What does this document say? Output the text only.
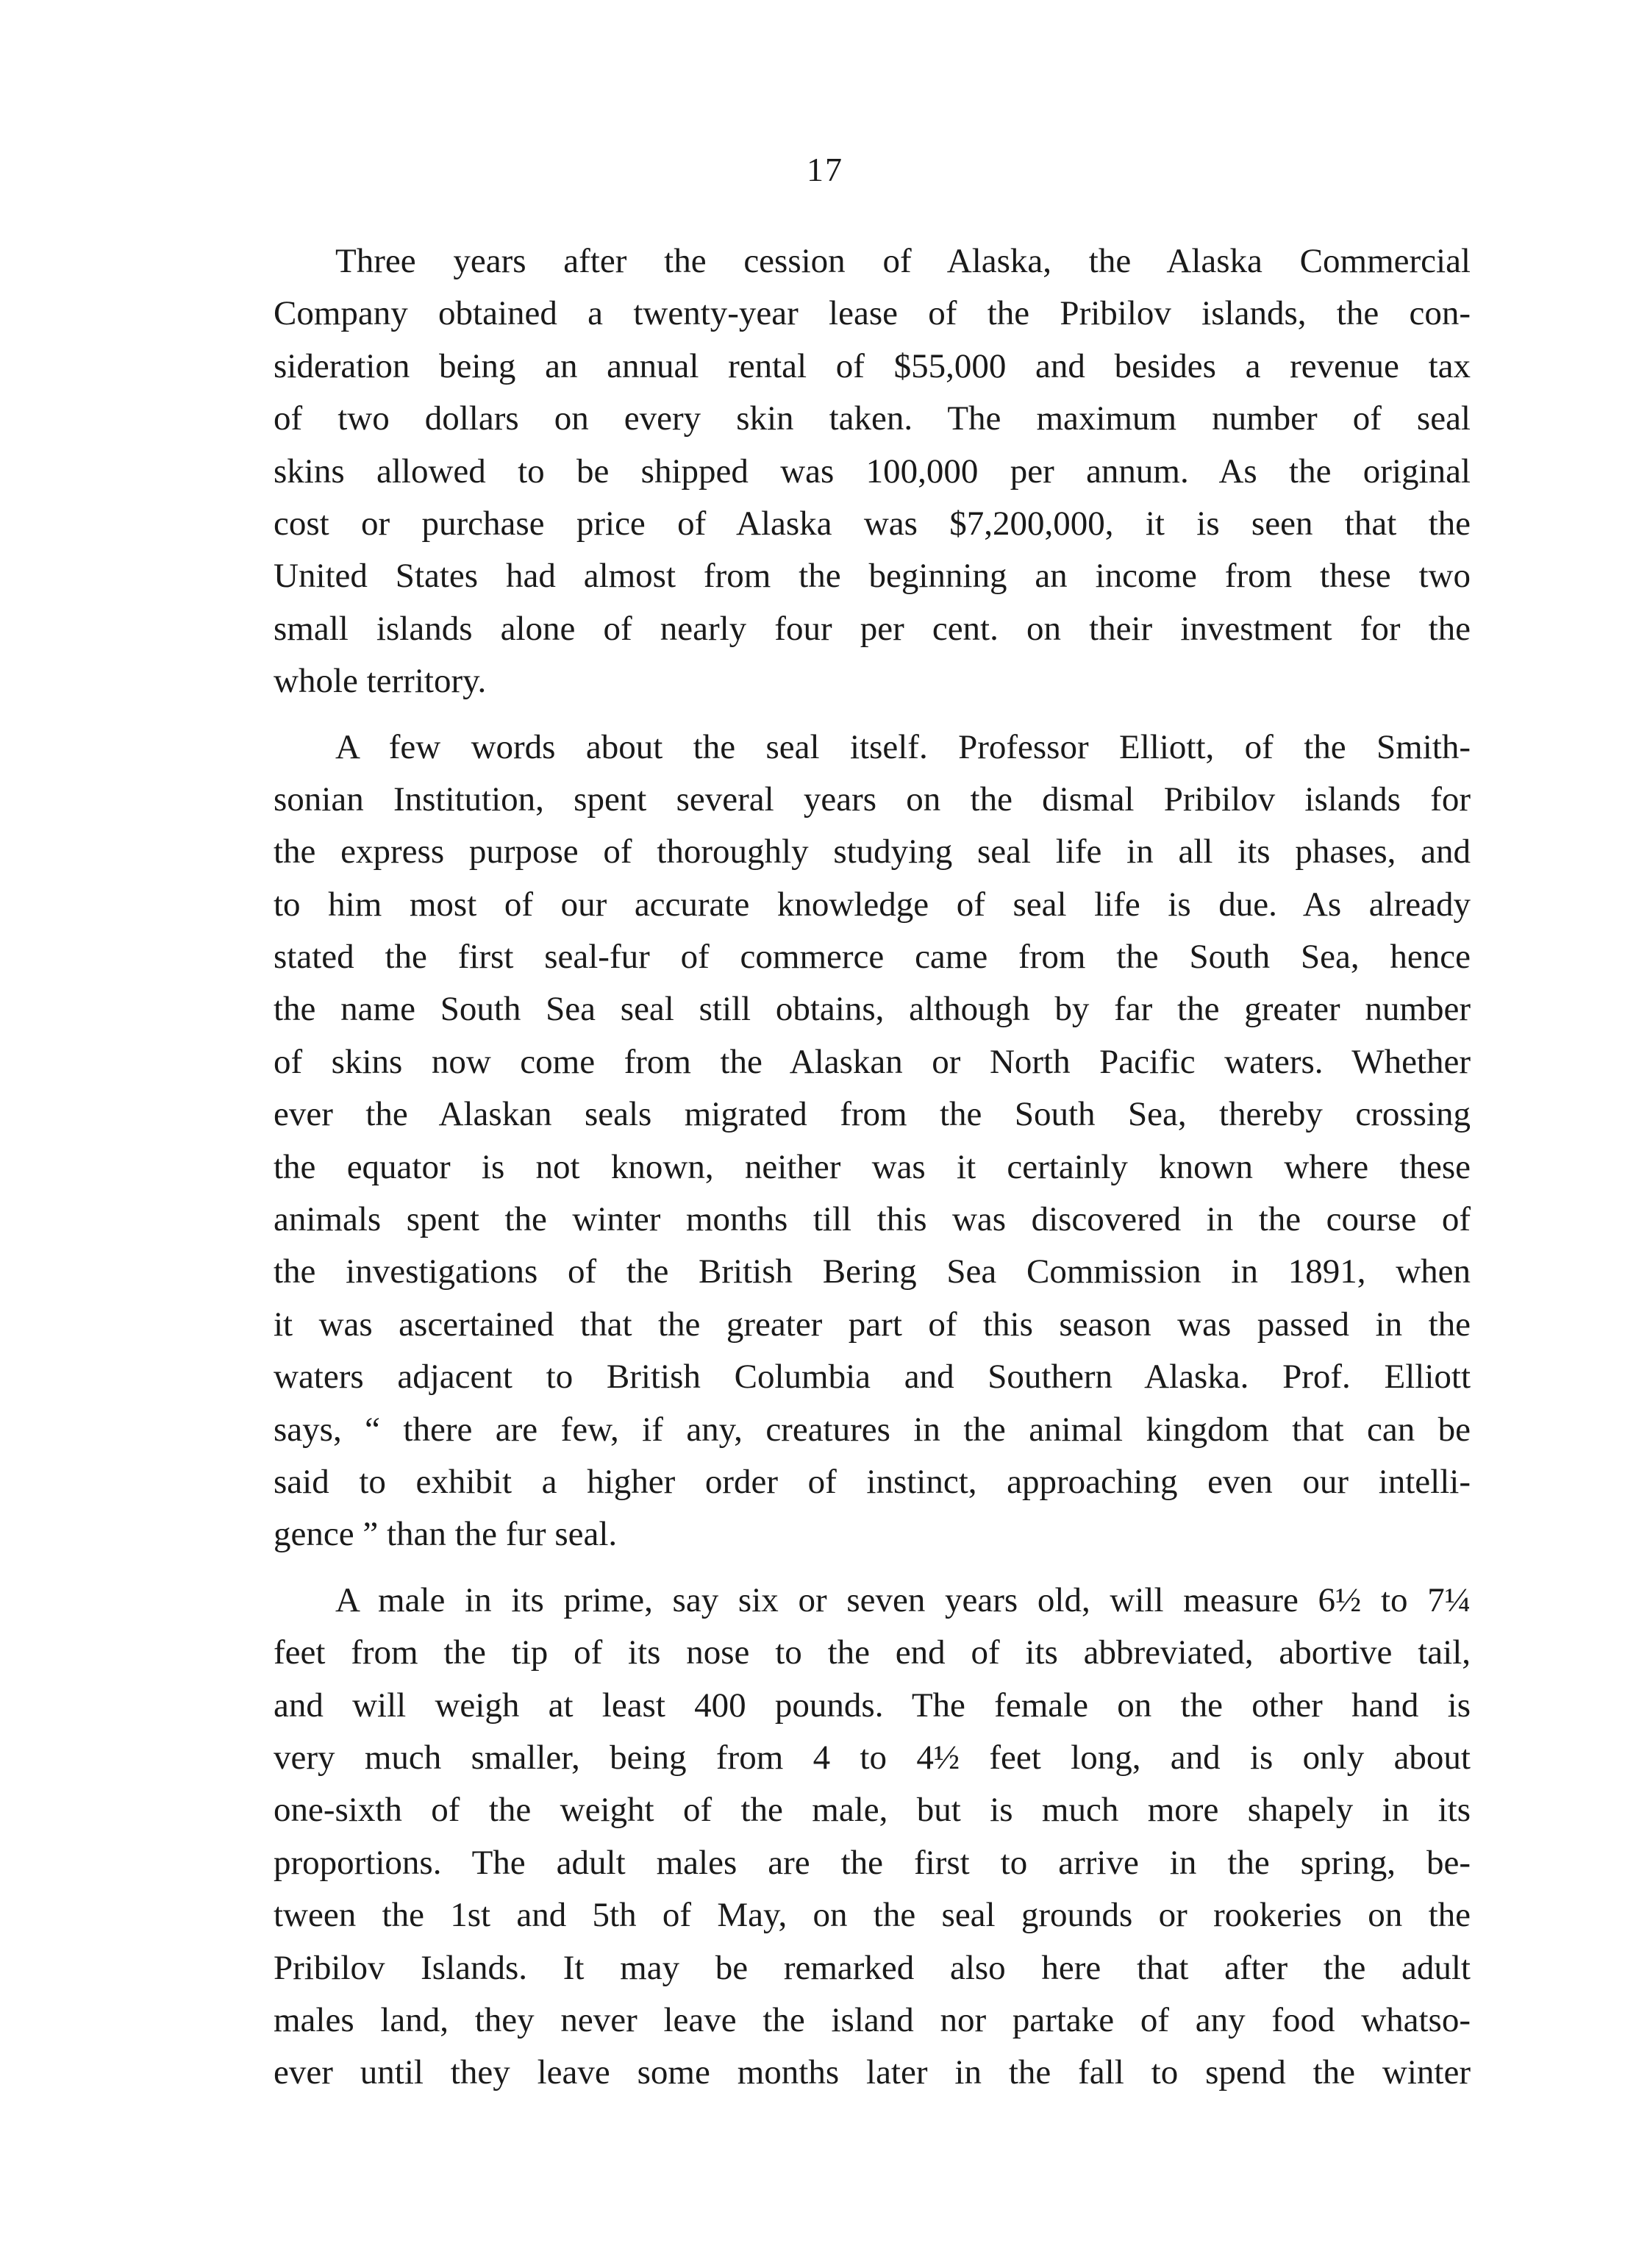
17
Three years after the cession of Alaska, the Alaska Commercial
Company obtained a twenty-year lease of the Pribilov islands, the con-
sideration being an annual rental of $55,000 and besides a revenue tax
of two dollars on every skin taken. The maximum number of seal
skins allowed to be shipped was 100,000 per annum. As the original
cost or purchase price of Alaska was $7,200,000, it is seen that the
United States had almost from the beginning an income from these two
small islands alone of nearly four per cent. on their investment for the
whole territory.
A few words about the seal itself. Professor Elliott, of the Smith-
sonian Institution, spent several years on the dismal Pribilov islands for
the express purpose of thoroughly studying seal life in all its phases, and
to him most of our accurate knowledge of seal life is due. As already
stated the first seal-fur of commerce came from the South Sea, hence
the name South Sea seal still obtains, although by far the greater number
of skins now come from the Alaskan or North Pacific waters. Whether
ever the Alaskan seals migrated from the South Sea, thereby crossing
the equator is not known, neither was it certainly known where these
animals spent the winter months till this was discovered in the course of
the investigations of the British Bering Sea Commission in 1891, when
it was ascertained that the greater part of this season was passed in the
waters adjacent to British Columbia and Southern Alaska. Prof. Elliott
says, “ there are few, if any, creatures in the animal kingdom that can be
said to exhibit a higher order of instinct, approaching even our intelli-
gence ” than the fur seal.
A male in its prime, say six or seven years old, will measure 6½ to 7¼
feet from the tip of its nose to the end of its abbreviated, abortive tail,
and will weigh at least 400 pounds. The female on the other hand is
very much smaller, being from 4 to 4½ feet long, and is only about
one-sixth of the weight of the male, but is much more shapely in its
proportions. The adult males are the first to arrive in the spring, be-
tween the 1st and 5th of May, on the seal grounds or rookeries on the
Pribilov Islands. It may be remarked also here that after the adult
males land, they never leave the island nor partake of any food whatso-
ever until they leave some months later in the fall to spend the winter
